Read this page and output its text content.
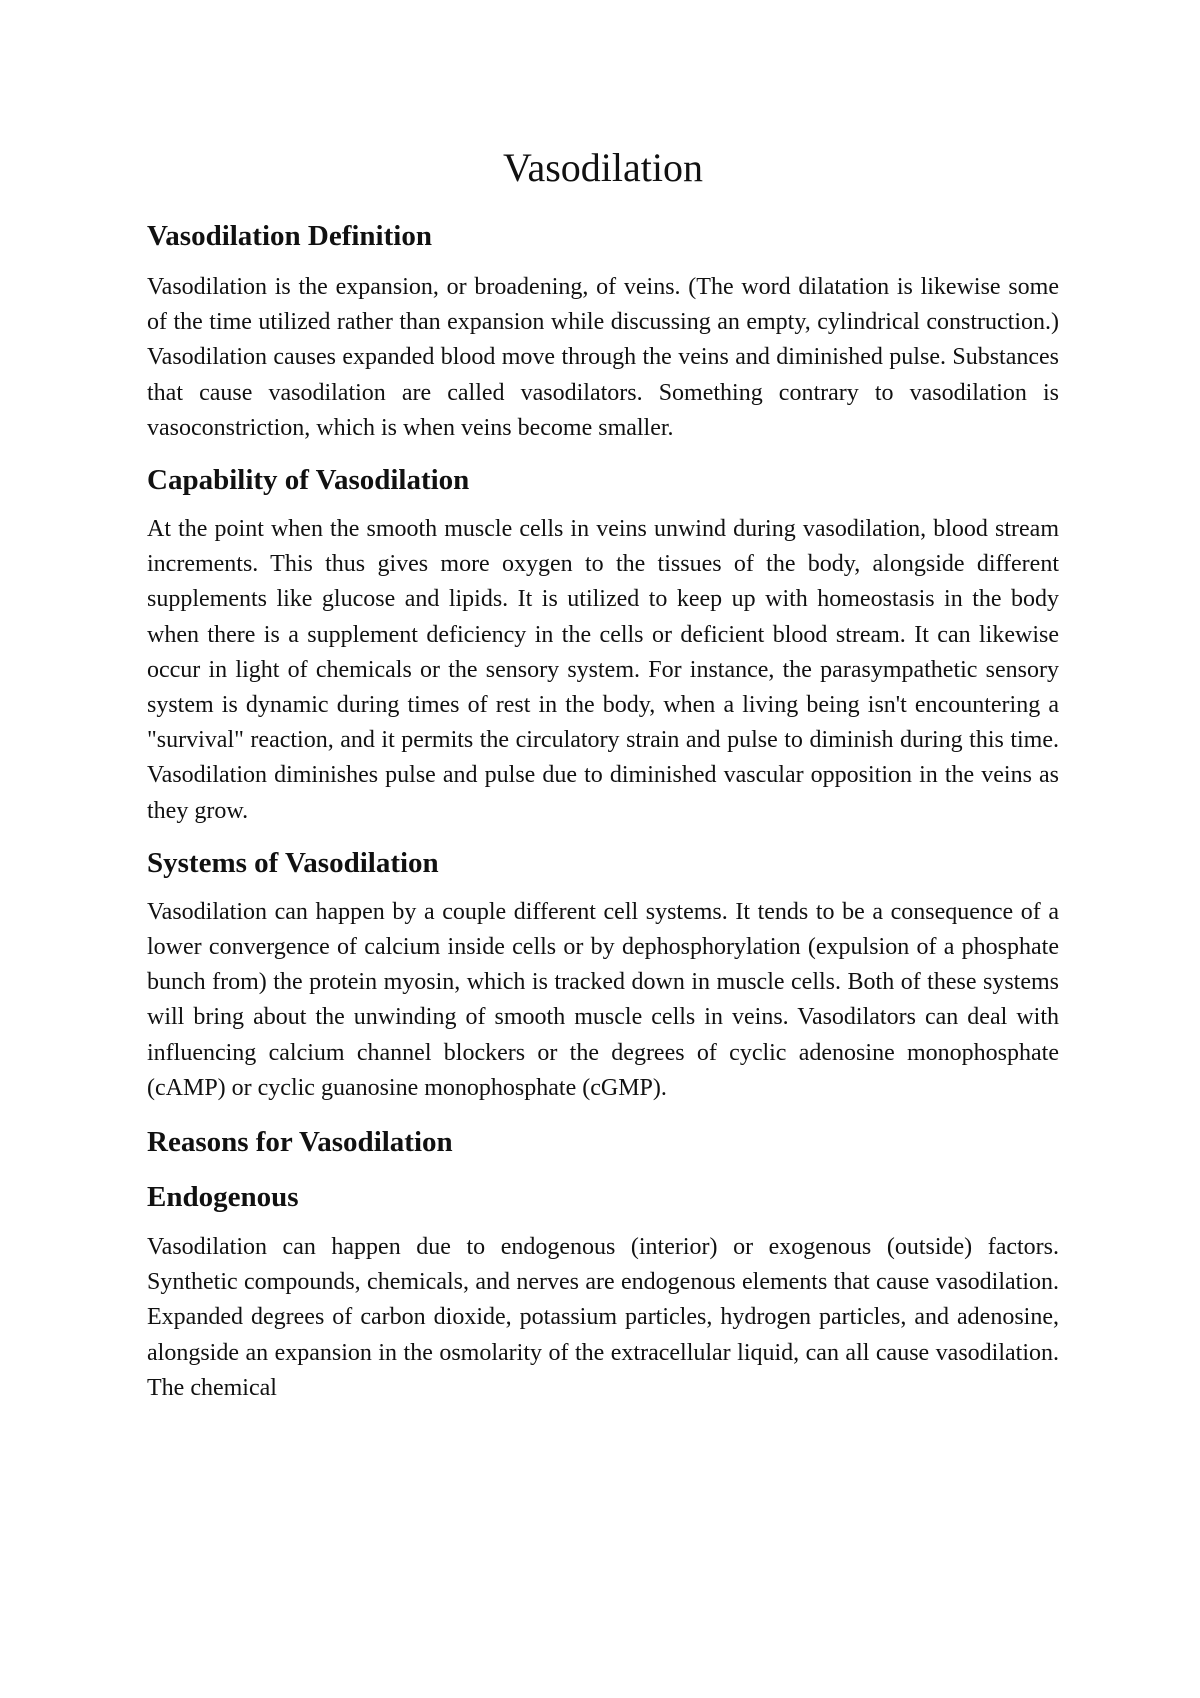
Vasodilation
Vasodilation Definition

Vasodilation is the expansion, or broadening, of veins. (The word dilatation is likewise some of the time utilized rather than expansion while discussing an empty, cylindrical construction.) Vasodilation causes expanded blood move through the veins and diminished pulse. Substances that cause vasodilation are called vasodilators. Something contrary to vasodilation is vasoconstriction, which is when veins become smaller.

Capability of Vasodilation

At the point when the smooth muscle cells in veins unwind during vasodilation, blood stream increments. This thus gives more oxygen to the tissues of the body, alongside different supplements like glucose and lipids. It is utilized to keep up with homeostasis in the body when there is a supplement deficiency in the cells or deficient blood stream. It can likewise occur in light of chemicals or the sensory system. For instance, the parasympathetic sensory system is dynamic during times of rest in the body, when a living being isn't encountering a "survival" reaction, and it permits the circulatory strain and pulse to diminish during this time. Vasodilation diminishes pulse and pulse due to diminished vascular opposition in the veins as they grow.

Systems of Vasodilation

Vasodilation can happen by a couple different cell systems. It tends to be a consequence of a lower convergence of calcium inside cells or by dephosphorylation (expulsion of a phosphate bunch from) the protein myosin, which is tracked down in muscle cells. Both of these systems will bring about the unwinding of smooth muscle cells in veins. Vasodilators can deal with influencing calcium channel blockers or the degrees of cyclic adenosine monophosphate (cAMP) or cyclic guanosine monophosphate (cGMP).

Reasons for Vasodilation
Endogenous

Vasodilation can happen due to endogenous (interior) or exogenous (outside) factors. Synthetic compounds, chemicals, and nerves are endogenous elements that cause vasodilation. Expanded degrees of carbon dioxide, potassium particles, hydrogen particles, and adenosine, alongside an expansion in the osmolarity of the extracellular liquid, can all cause vasodilation. The chemical
